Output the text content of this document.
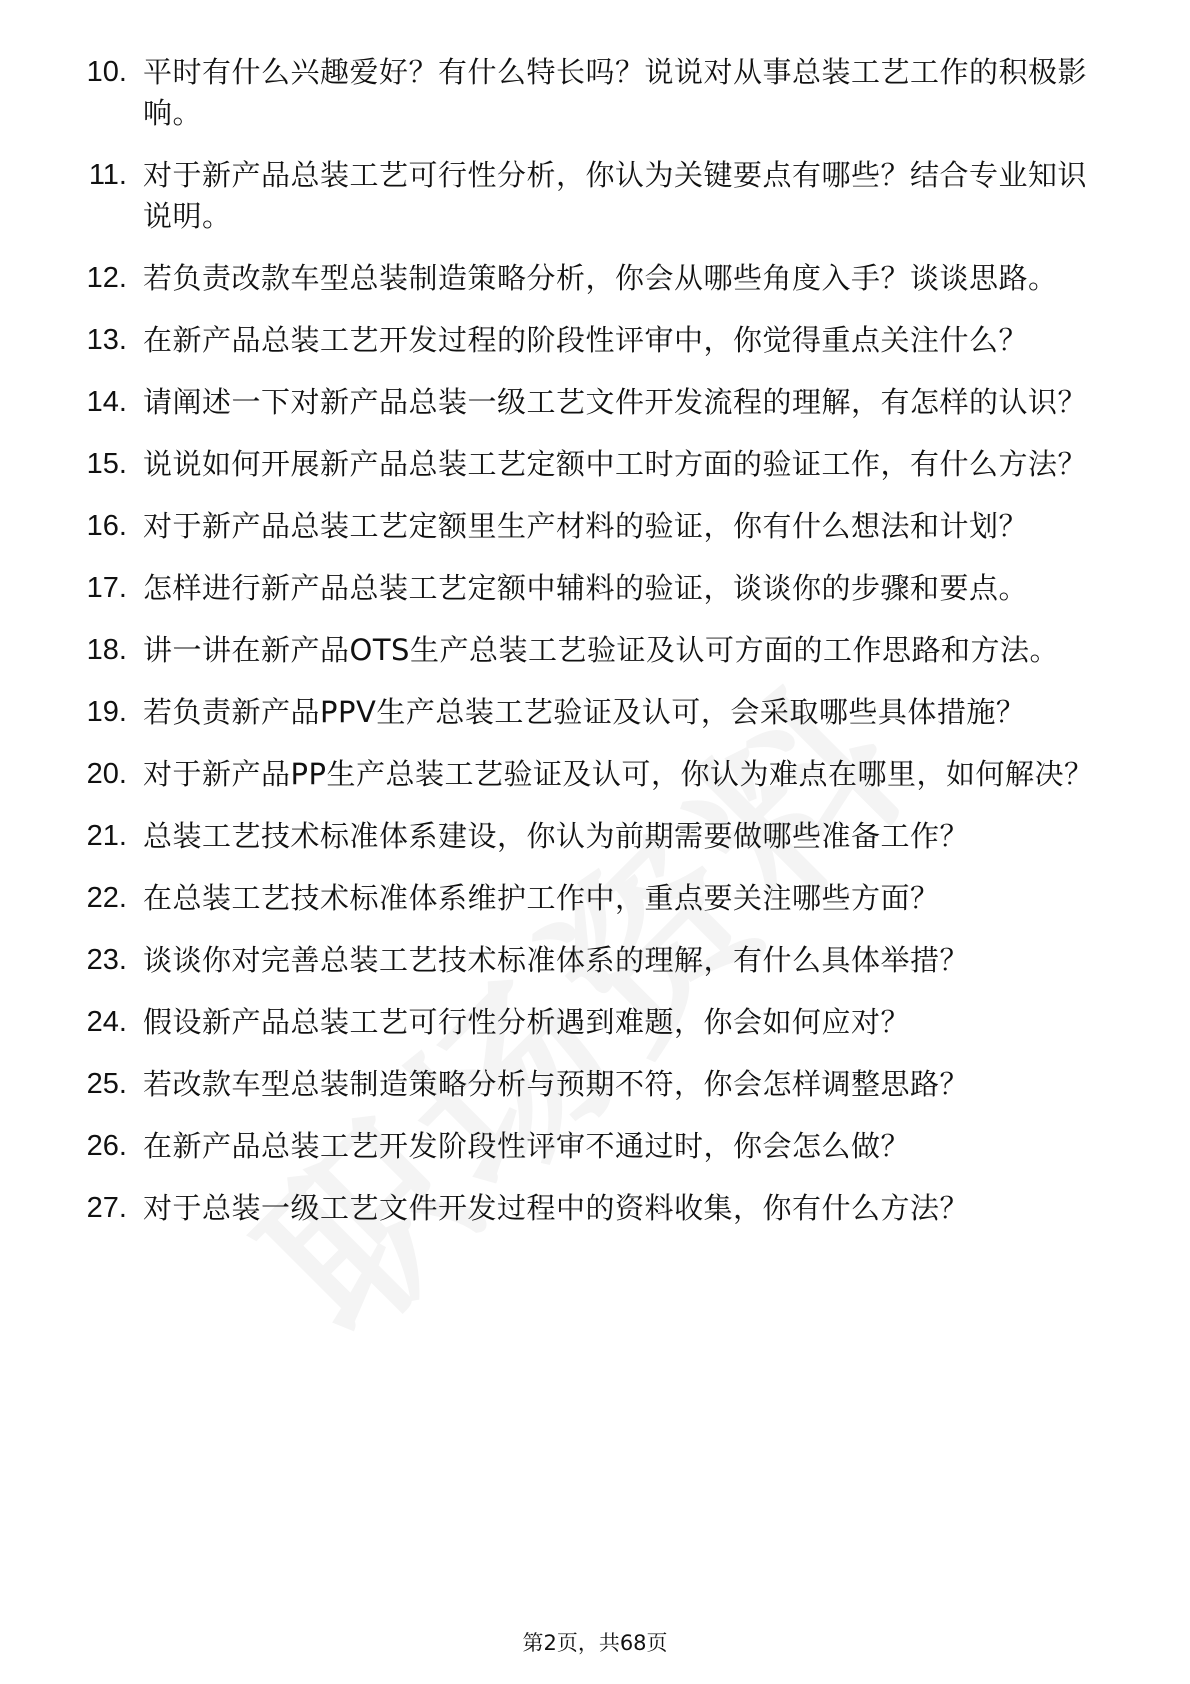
10. 平时有什么兴趣爱好？有什么特长吗？说说对从事总装工艺工作的积极影响。
11. 对于新产品总装工艺可行性分析，你认为关键要点有哪些？结合专业知识说明。
12. 若负责改款车型总装制造策略分析，你会从哪些角度入手？谈谈思路。
13. 在新产品总装工艺开发过程的阶段性评审中，你觉得重点关注什么？
14. 请阐述一下对新产品总装一级工艺文件开发流程的理解，有怎样的认识？
15. 说说如何开展新产品总装工艺定额中工时方面的验证工作，有什么方法？
16. 对于新产品总装工艺定额里生产材料的验证，你有什么想法和计划？
17. 怎样进行新产品总装工艺定额中辅料的验证，谈谈你的步骤和要点。
18. 讲一讲在新产品OTS生产总装工艺验证及认可方面的工作思路和方法。
19. 若负责新产品PPV生产总装工艺验证及认可，会采取哪些具体措施？
20. 对于新产品PP生产总装工艺验证及认可，你认为难点在哪里，如何解决？
21. 总装工艺技术标准体系建设，你认为前期需要做哪些准备工作？
22. 在总装工艺技术标准体系维护工作中，重点要关注哪些方面？
23. 谈谈你对完善总装工艺技术标准体系的理解，有什么具体举措？
24. 假设新产品总装工艺可行性分析遇到难题，你会如何应对？
25. 若改款车型总装制造策略分析与预期不符，你会怎样调整思路？
26. 在新产品总装工艺开发阶段性评审不通过时，你会怎么做？
27. 对于总装一级工艺文件开发过程中的资料收集，你有什么方法？
第2页，共68页
